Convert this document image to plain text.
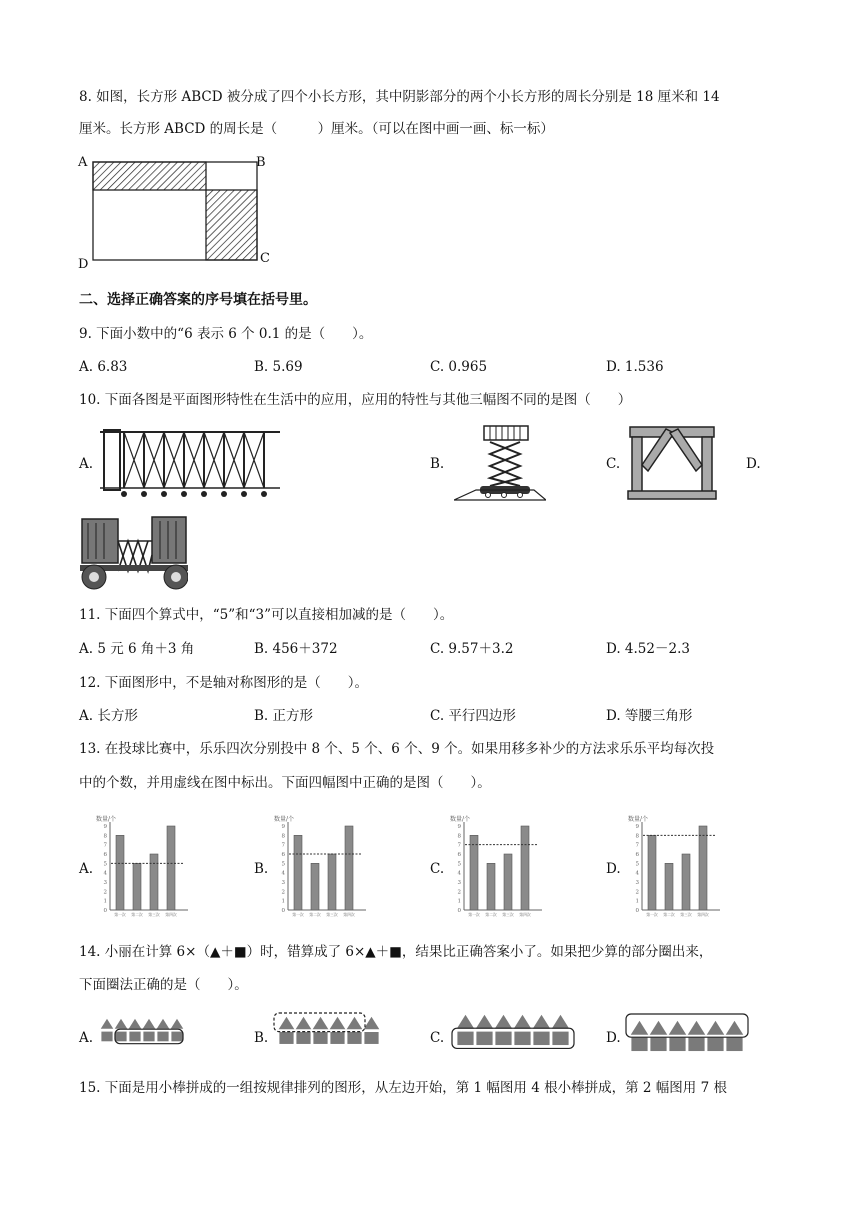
8. 如图，长方形 ABCD 被分成了四个小长方形，其中阴影部分的两个小长方形的周长分别是 18 厘米和 14
厘米。长方形 ABCD 的周长是（　　　）厘米。（可以在图中画一画、标一标）
A	B
D	C
二、选择正确答案的序号填在括号里。
9. 下面小数中的“6 表示 6 个 0.1 的是（　　）。
A. 6.83	B. 5.69	C. 0.965	D. 1.536
10. 下面各图是平面图形特性在生活中的应用，应用的特性与其他三幅图不同的是图（　　）
A.	B.	C.	D.
11. 下面四个算式中，“5”和“3”可以直接相加减的是（　　）。
A. 5 元 6 角＋3 角	B. 456＋372	C. 9.57＋3.2	D. 4.52－2.3
12. 下面图形中，不是轴对称图形的是（　　）。
A. 长方形	B. 正方形	C. 平行四边形	D. 等腰三角形
13. 在投球比赛中，乐乐四次分别投中 8 个、5 个、6 个、9 个。如果用移多补少的方法求乐乐平均每次投
中的个数，并用虚线在图中标出。下面四幅图中正确的是图（　　）。
A.	B.	C.	D.
数量/个
0
1
2
3
4
5
6
7
8
9
第一次 第二次 第三次 第四次
数量/个
0
1
2
3
4
5
6
7
8
9
第一次 第二次 第三次 第四次
数量/个
0
1
2
3
4
5
6
7
8
9
第一次 第二次 第三次 第四次
数量/个
0
1
2
3
4
5
6
7
8
9
第一次 第二次 第三次 第四次
14. 小丽在计算 6×（▲＋■）时，错算成了 6×▲＋■，结果比正确答案小了。如果把少算的部分圈出来，
下面圈法正确的是（　　）。
A.	B.	C.	D.
15. 下面是用小棒拼成的一组按规律排列的图形，从左边开始，第 1 幅图用 4 根小棒拼成，第 2 幅图用 7 根
